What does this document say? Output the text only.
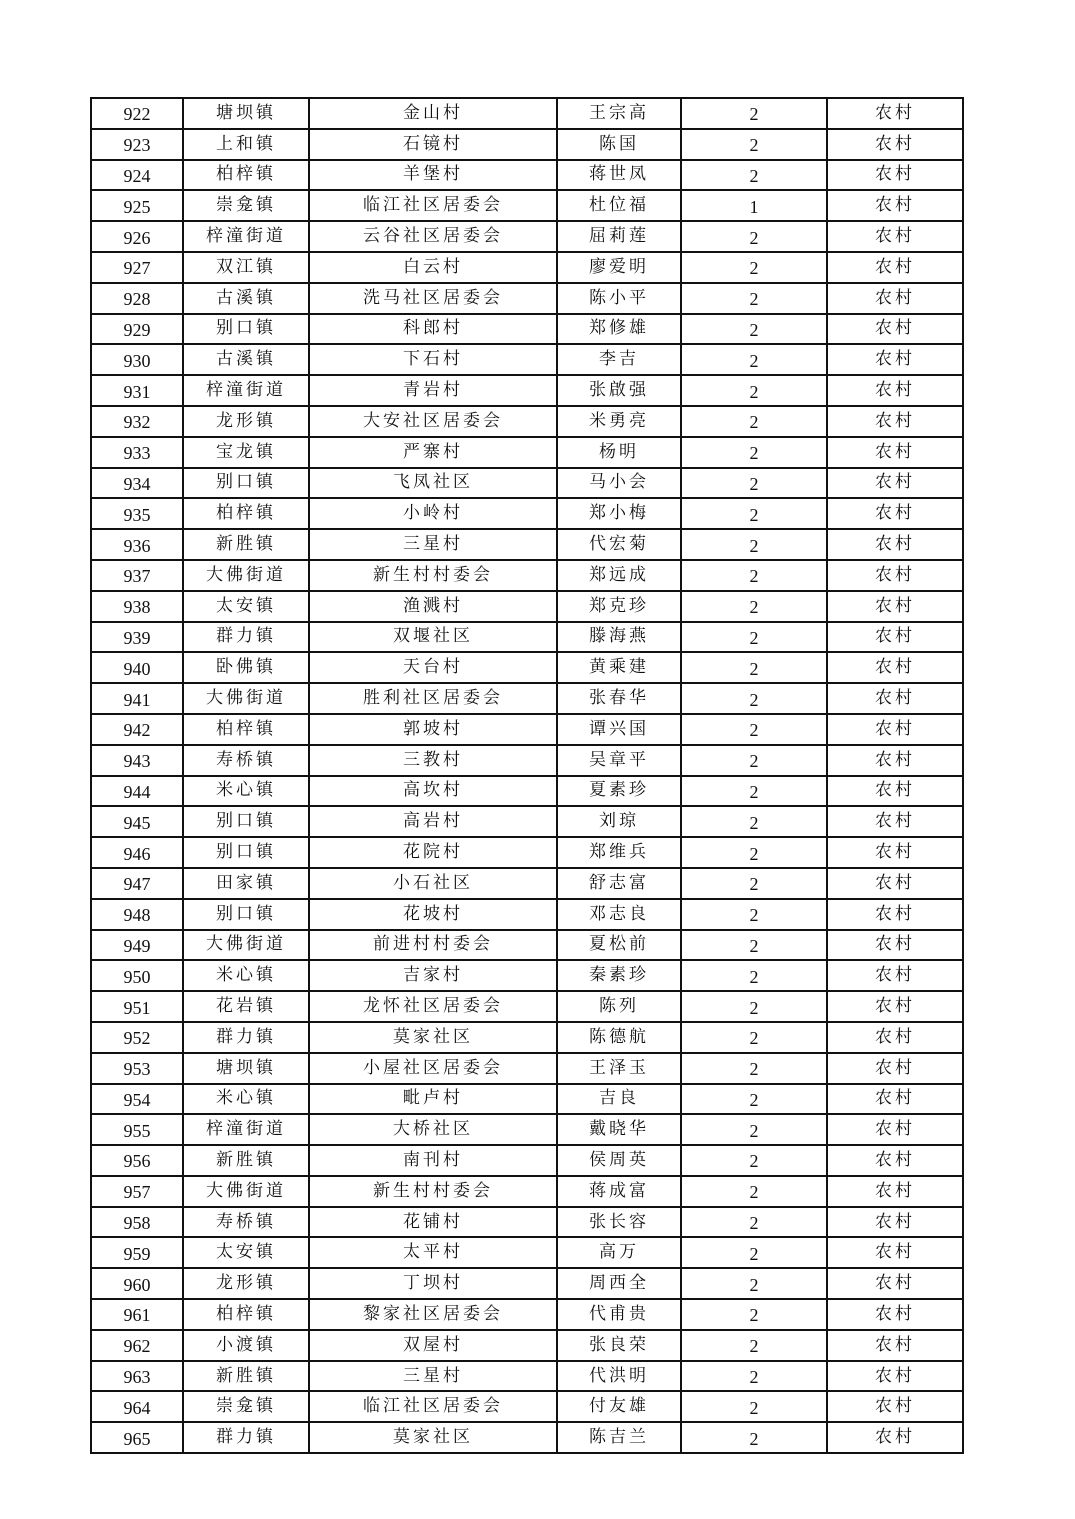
922	塘坝镇	金山村	王宗高	2	农村
923	上和镇	石镜村	陈国	2	农村
924	柏梓镇	羊堡村	蒋世凤	2	农村
925	崇龛镇	临江社区居委会	杜位福	1	农村
926	梓潼街道	云谷社区居委会	屈莉莲	2	农村
927	双江镇	白云村	廖爱明	2	农村
928	古溪镇	洗马社区居委会	陈小平	2	农村
929	别口镇	科郎村	郑修雄	2	农村
930	古溪镇	下石村	李吉	2	农村
931	梓潼街道	青岩村	张啟强	2	农村
932	龙形镇	大安社区居委会	米勇亮	2	农村
933	宝龙镇	严寨村	杨明	2	农村
934	别口镇	飞凤社区	马小会	2	农村
935	柏梓镇	小岭村	郑小梅	2	农村
936	新胜镇	三星村	代宏菊	2	农村
937	大佛街道	新生村村委会	郑远成	2	农村
938	太安镇	渔溅村	郑克珍	2	农村
939	群力镇	双堰社区	滕海燕	2	农村
940	卧佛镇	天台村	黄乘建	2	农村
941	大佛街道	胜利社区居委会	张春华	2	农村
942	柏梓镇	郭坡村	谭兴国	2	农村
943	寿桥镇	三教村	吴章平	2	农村
944	米心镇	高坎村	夏素珍	2	农村
945	别口镇	高岩村	刘琼	2	农村
946	别口镇	花院村	郑维兵	2	农村
947	田家镇	小石社区	舒志富	2	农村
948	别口镇	花坡村	邓志良	2	农村
949	大佛街道	前进村村委会	夏松前	2	农村
950	米心镇	吉家村	秦素珍	2	农村
951	花岩镇	龙怀社区居委会	陈列	2	农村
952	群力镇	莫家社区	陈德航	2	农村
953	塘坝镇	小屋社区居委会	王泽玉	2	农村
954	米心镇	毗卢村	吉良	2	农村
955	梓潼街道	大桥社区	戴晓华	2	农村
956	新胜镇	南刊村	侯周英	2	农村
957	大佛街道	新生村村委会	蒋成富	2	农村
958	寿桥镇	花铺村	张长容	2	农村
959	太安镇	太平村	高万	2	农村
960	龙形镇	丁坝村	周西全	2	农村
961	柏梓镇	黎家社区居委会	代甫贵	2	农村
962	小渡镇	双屋村	张良荣	2	农村
963	新胜镇	三星村	代洪明	2	农村
964	崇龛镇	临江社区居委会	付友雄	2	农村
965	群力镇	莫家社区	陈吉兰	2	农村
